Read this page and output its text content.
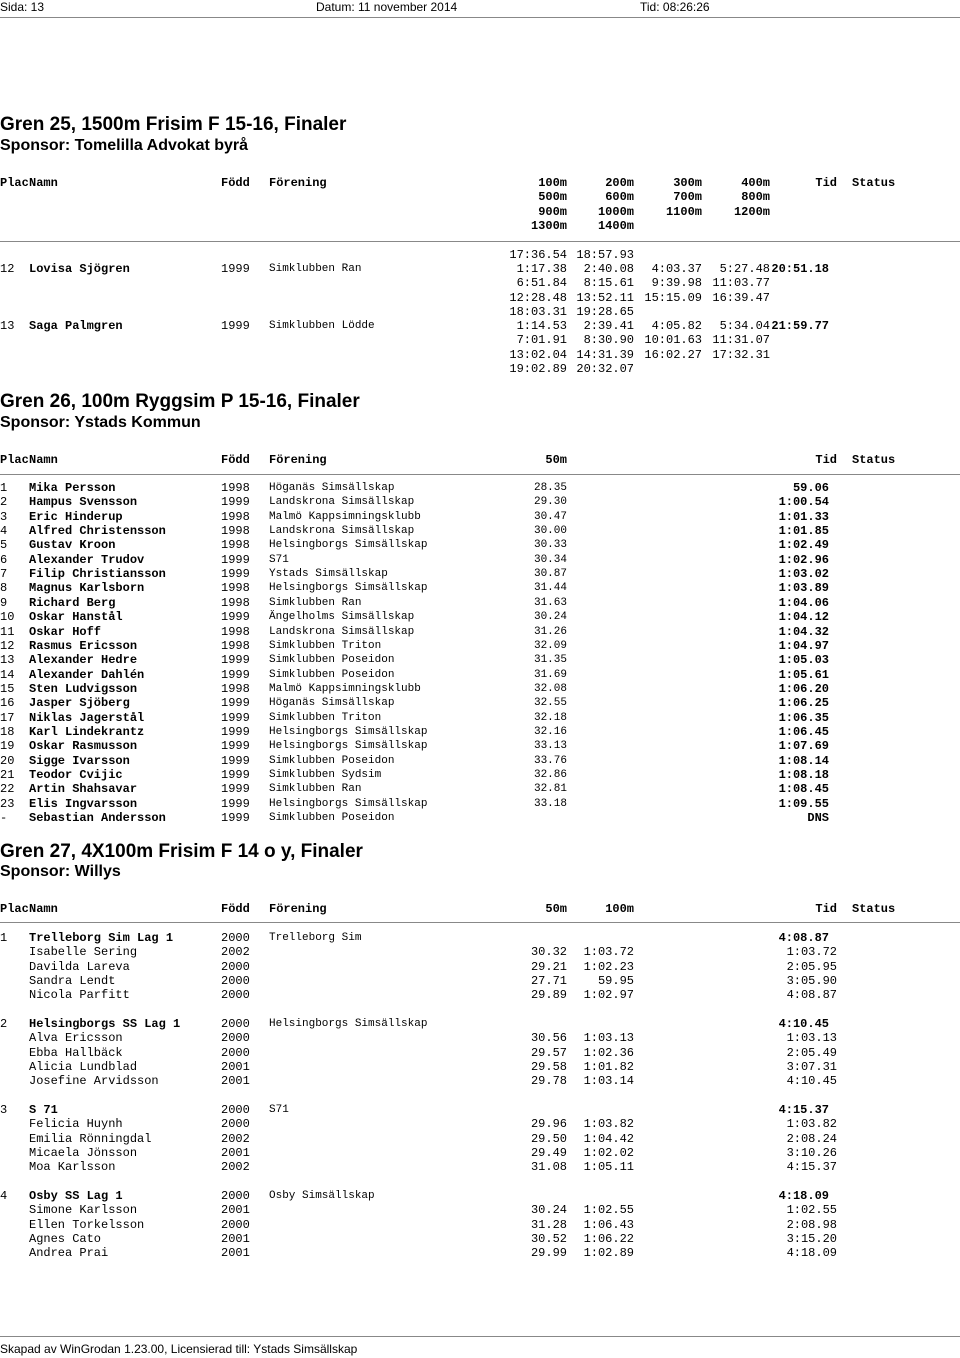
Sida: 13	Datum: 11 november 2014	Tid: 08:26:26
Gren 25, 1500m Frisim F 15-16, Finaler
Sponsor: Tomelilla Advokat byrå
Plac Namn	Född Förening	Tid Status
100m	200m	300m	400m
500m	600m	700m	800m
900m	1000m	1100m	1200m
1300m	1400m
17:36.54 18:57.93
12 Lovisa Sjögren	1999 Simklubben Ran	20:51.18
1:17.38 2:40.08 4:03.37 5:27.48
6:51.84 8:15.61 9:39.98 11:03.77
12:28.48 13:52.11 15:15.09 16:39.47
18:03.31 19:28.65
13 Saga Palmgren	1999 Simklubben Lödde	21:59.77
1:14.53 2:39.41 4:05.82 5:34.04
7:01.91 8:30.90 10:01.63 11:31.07
13:02.04 14:31.39 16:02.27 17:32.31
19:02.89 20:32.07
Gren 26, 100m Ryggsim P 15-16, Finaler
Sponsor: Ystads Kommun
Plac Namn	Född Förening	Tid Status
50m
1 Mika Persson	1998 Höganäs Simsällskap	28.35	59.06
2 Hampus Svensson	1999 Landskrona Simsällskap	29.30	1:00.54
3 Eric Hinderup	1998 Malmö Kappsimningsklubb	30.47	1:01.33
4 Alfred Christensson	1998 Landskrona Simsällskap	30.00	1:01.85
5 Gustav Kroon	1998 Helsingborgs Simsällskap	30.33	1:02.49
6 Alexander Trudov	1999 S71	30.34	1:02.96
7 Filip Christiansson	1999 Ystads Simsällskap	30.87	1:03.02
8 Magnus Karlsborn	1998 Helsingborgs Simsällskap	31.44	1:03.89
9 Richard Berg	1998 Simklubben Ran	31.63	1:04.06
10 Oskar Hanstål	1999 Ängelholms Simsällskap	30.24	1:04.12
11 Oskar Hoff	1998 Landskrona Simsällskap	31.26	1:04.32
12 Rasmus Ericsson	1998 Simklubben Triton	32.09	1:04.97
13 Alexander Hedre	1999 Simklubben Poseidon	31.35	1:05.03
14 Alexander Dahlén	1999 Simklubben Poseidon	31.69	1:05.61
15 Sten Ludvigsson	1998 Malmö Kappsimningsklubb	32.08	1:06.20
16 Jasper Sjöberg	1999 Höganäs Simsällskap	32.55	1:06.25
17 Niklas Jagerstål	1999 Simklubben Triton	32.18	1:06.35
18 Karl Lindekrantz	1999 Helsingborgs Simsällskap	32.16	1:06.45
19 Oskar Rasmusson	1999 Helsingborgs Simsällskap	33.13	1:07.69
20 Sigge Ivarsson	1999 Simklubben Poseidon	33.76	1:08.14
21 Teodor Cvijic	1999 Simklubben Sydsim	32.86	1:08.18
22 Artin Shahsavar	1999 Simklubben Ran	32.81	1:08.45
23 Elis Ingvarsson	1999 Helsingborgs Simsällskap	33.18	1:09.55
- Sebastian Andersson	1999 Simklubben Poseidon	DNS
Gren 27, 4X100m Frisim F 14 o y, Finaler
Sponsor: Willys
Plac Namn	Född Förening	Tid Status
50m	100m
1 Trelleborg Sim Lag 1	2000 Trelleborg Sim	4:08.87
Isabelle Sering	2002	30.32 1:03.72	1:03.72
Davilda Lareva	2000	29.21 1:02.23	2:05.95
Sandra Lendt	2000	27.71	59.95	3:05.90
Nicola Parfitt	2000	29.89 1:02.97	4:08.87
2 Helsingborgs SS Lag 1	2000 Helsingborgs Simsällskap	4:10.45
Alva Ericsson	2000	30.56 1:03.13	1:03.13
Ebba Hallbäck	2000	29.57 1:02.36	2:05.49
Alicia Lundblad	2001	29.58 1:01.82	3:07.31
Josefine Arvidsson	2001	29.78 1:03.14	4:10.45
3 S 71	2000 S71	4:15.37
Felicia Huynh	2000	29.96 1:03.82	1:03.82
Emilia Rönningdal	2002	29.50 1:04.42	2:08.24
Micaela Jönsson	2001	29.49 1:02.02	3:10.26
Moa Karlsson	2002	31.08 1:05.11	4:15.37
4 Osby SS Lag 1	2000 Osby Simsällskap	4:18.09
Simone Karlsson	2001	30.24 1:02.55	1:02.55
Ellen Torkelsson	2000	31.28 1:06.43	2:08.98
Agnes Cato	2001	30.52 1:06.22	3:15.20
Andrea Prai	2001	29.99 1:02.89	4:18.09
Skapad av WinGrodan 1.23.00, Licensierad till: Ystads Simsällskap
